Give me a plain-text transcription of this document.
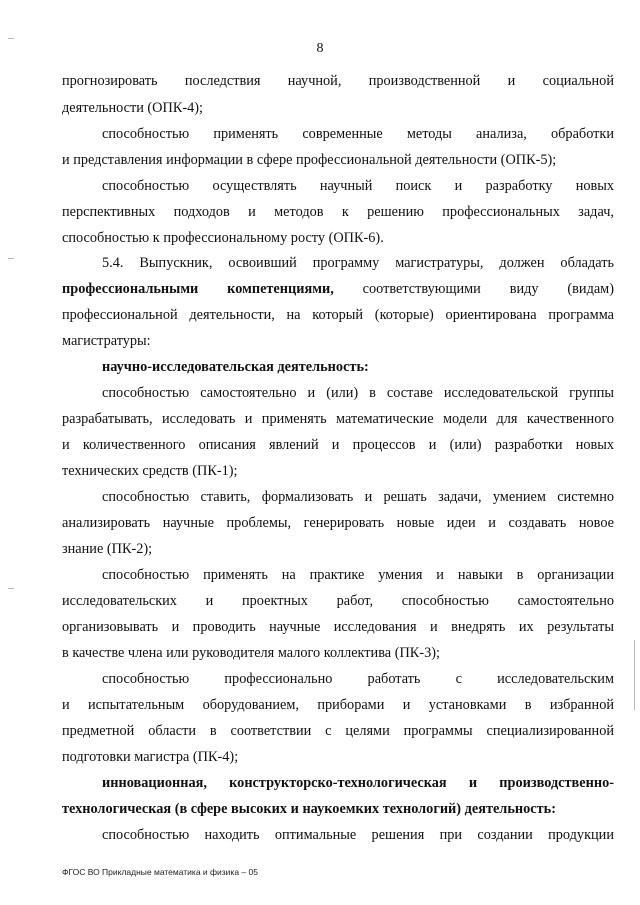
8
прогнозировать последствия научной, производственной и социальной
деятельности (ОПК-4);
способностью применять современные методы анализа, обработки
и представления информации в сфере профессиональной деятельности (ОПК-5);
способностью осуществлять научный поиск и разработку новых
перспективных подходов и методов к решению профессиональных задач,
способностью к профессиональному росту (ОПК-6).
5.4. Выпускник, освоивший программу магистратуры, должен обладать
профессиональными компетенциями, соответствующими виду (видам)
профессиональной деятельности, на который (которые) ориентирована программа
магистратуры:
научно-исследовательская деятельность:
способностью самостоятельно и (или) в составе исследовательской группы
разрабатывать, исследовать и применять математические модели для качественного
и количественного описания явлений и процессов и (или) разработки новых
технических средств (ПК-1);
способностью ставить, формализовать и решать задачи, умением системно
анализировать научные проблемы, генерировать новые идеи и создавать новое
знание (ПК-2);
способностью применять на практике умения и навыки в организации
исследовательских и проектных работ, способностью самостоятельно
организовывать и проводить научные исследования и внедрять их результаты
в качестве члена или руководителя малого коллектива (ПК-3);
способностью профессионально работать с исследовательским
и испытательным оборудованием, приборами и установками в избранной
предметной области в соответствии с целями программы специализированной
подготовки магистра (ПК-4);
инновационная, конструкторско-технологическая и производственно-
технологическая (в сфере высоких и наукоемких технологий) деятельность:
способностью находить оптимальные решения при создании продукции
ФГОС ВО Прикладные математика и физика – 05
